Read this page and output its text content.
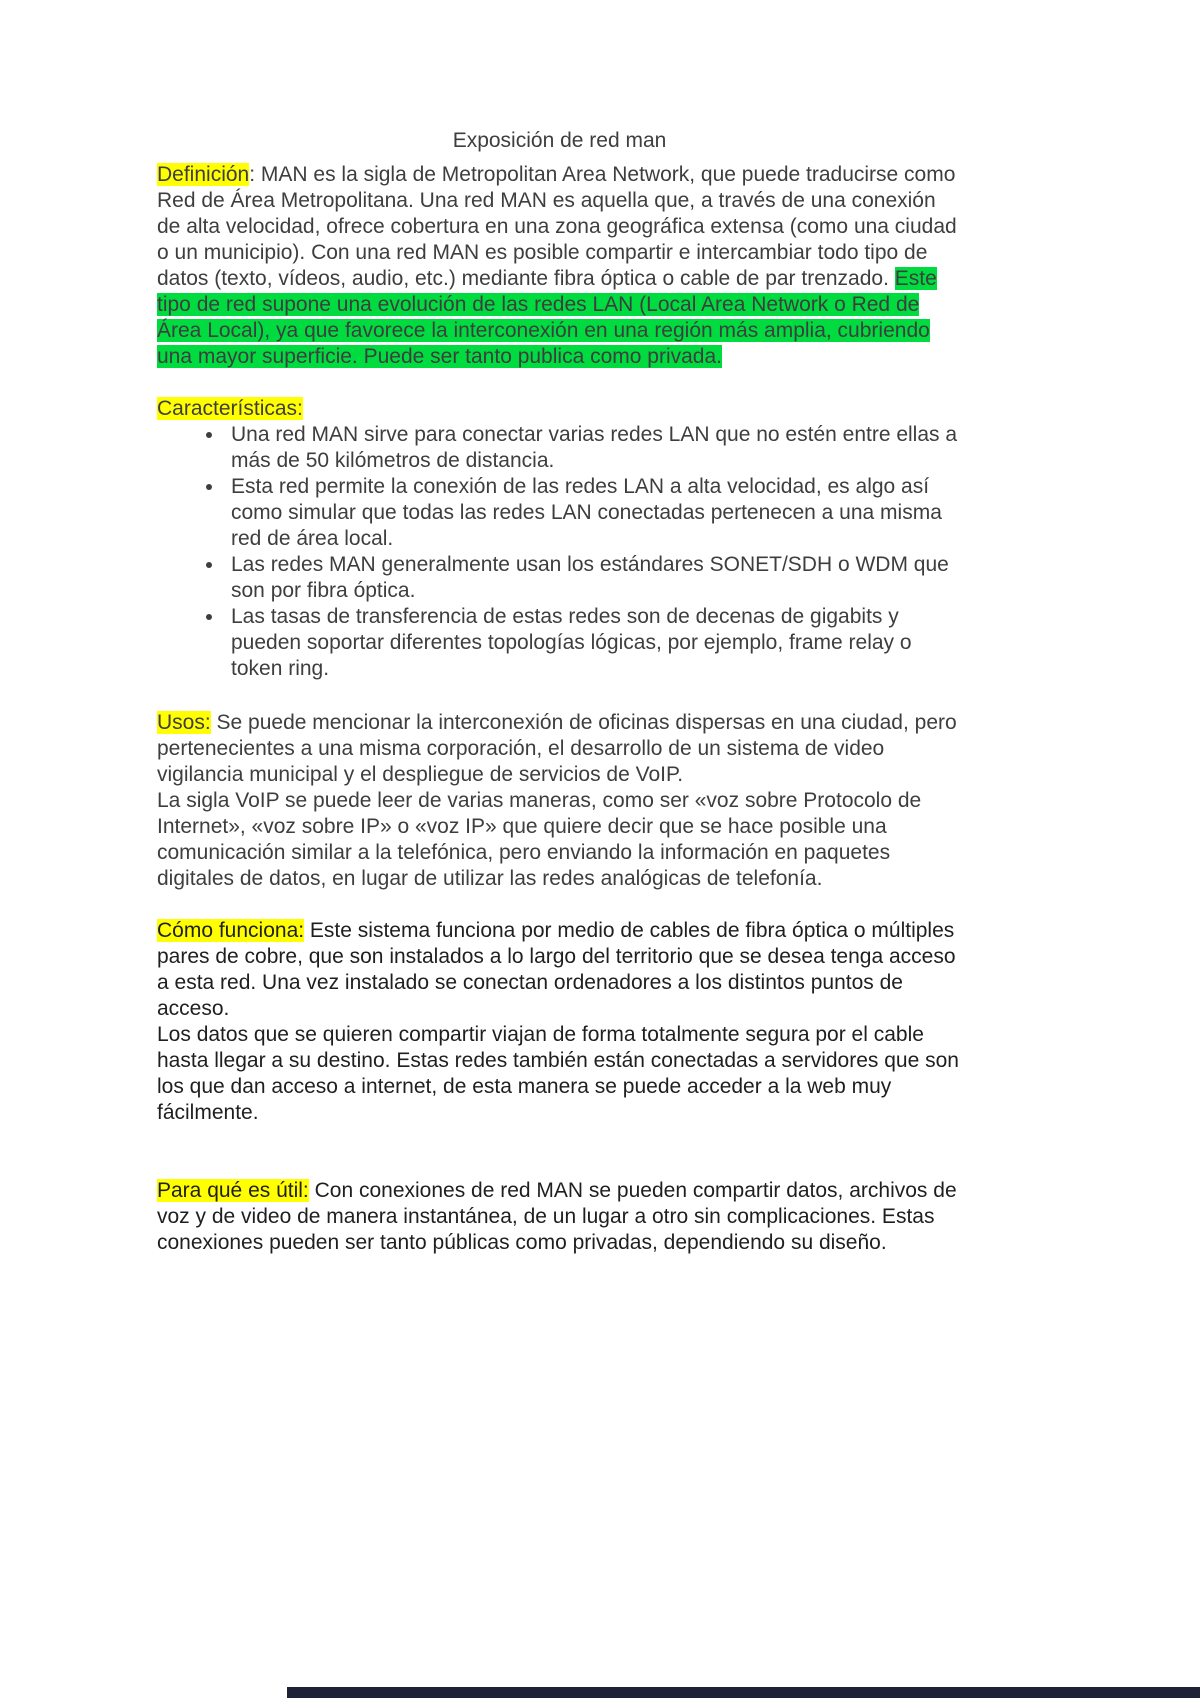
Exposición de red man

Definición: MAN es la sigla de Metropolitan Area Network, que puede traducirse como Red de Área Metropolitana. Una red MAN es aquella que, a través de una conexión de alta velocidad, ofrece cobertura en una zona geográfica extensa (como una ciudad o un municipio). Con una red MAN es posible compartir e intercambiar todo tipo de datos (texto, vídeos, audio, etc.) mediante fibra óptica o cable de par trenzado. Este tipo de red supone una evolución de las redes LAN (Local Area Network o Red de Área Local), ya que favorece la interconexión en una región más amplia, cubriendo una mayor superficie. Puede ser tanto publica como privada.

Características:

• Una red MAN sirve para conectar varias redes LAN que no estén entre ellas a más de 50 kilómetros de distancia.
• Esta red permite la conexión de las redes LAN a alta velocidad, es algo así como simular que todas las redes LAN conectadas pertenecen a una misma red de área local.
• Las redes MAN generalmente usan los estándares SONET/SDH o WDM que son por fibra óptica.
• Las tasas de transferencia de estas redes son de decenas de gigabits y pueden soportar diferentes topologías lógicas, por ejemplo, frame relay o token ring.

Usos: Se puede mencionar la interconexión de oficinas dispersas en una ciudad, pero pertenecientes a una misma corporación, el desarrollo de un sistema de video vigilancia municipal y el despliegue de servicios de VoIP.
La sigla VoIP se puede leer de varias maneras, como ser «voz sobre Protocolo de Internet», «voz sobre IP» o «voz IP» que quiere decir que se hace posible una comunicación similar a la telefónica, pero enviando la información en paquetes digitales de datos, en lugar de utilizar las redes analógicas de telefonía.

Cómo funciona: Este sistema funciona por medio de cables de fibra óptica o múltiples pares de cobre, que son instalados a lo largo del territorio que se desea tenga acceso a esta red. Una vez instalado se conectan ordenadores a los distintos puntos de acceso.
Los datos que se quieren compartir viajan de forma totalmente segura por el cable hasta llegar a su destino. Estas redes también están conectadas a servidores que son los que dan acceso a internet, de esta manera se puede acceder a la web muy fácilmente.

Para qué es útil: Con conexiones de red MAN se pueden compartir datos, archivos de voz y de video de manera instantánea, de un lugar a otro sin complicaciones. Estas conexiones pueden ser tanto públicas como privadas, dependiendo su diseño.
